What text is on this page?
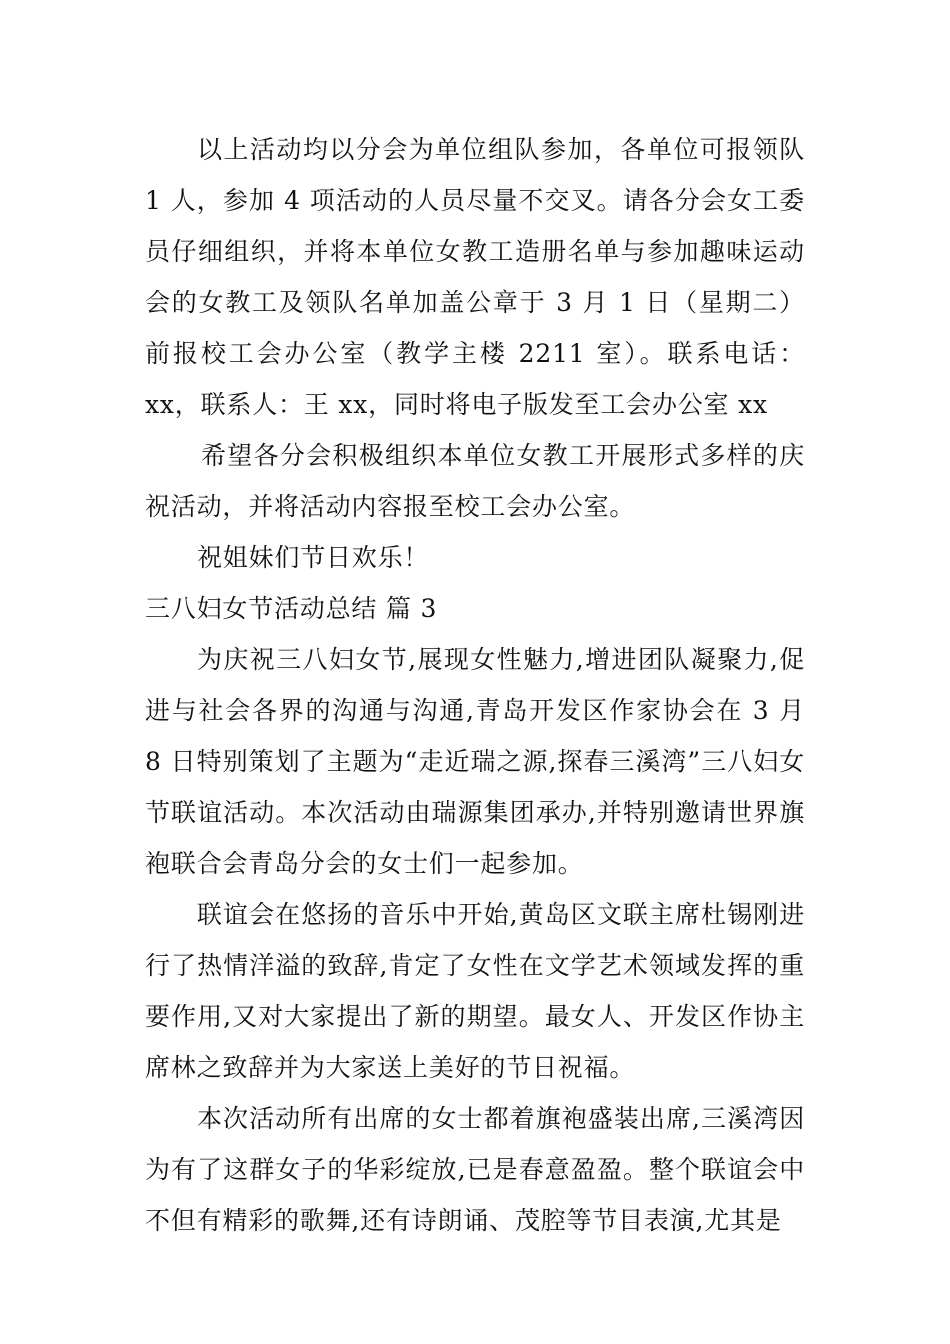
以上活动均以分会为单位组队参加，各单位可报领队 1 人，参加 4 项活动的人员尽量不交叉。请各分会女工委员仔细组织，并将本单位女教工造册名单与参加趣味运动会的女教工及领队名单加盖公章于 3 月 1 日（星期二）前报校工会办公室（教学主楼 2211 室）。联系电话：xx，联系人：王 xx，同时将电子版发至工会办公室 xx

希望各分会积极组织本单位女教工开展形式多样的庆祝活动，并将活动内容报至校工会办公室。

祝姐妹们节日欢乐！

三八妇女节活动总结 篇 3

为庆祝三八妇女节,展现女性魅力,增进团队凝聚力,促进与社会各界的沟通与沟通,青岛开发区作家协会在 3 月 8 日特别策划了主题为“走近瑞之源,探春三溪湾”三八妇女节联谊活动。本次活动由瑞源集团承办,并特别邀请世界旗袍联合会青岛分会的女士们一起参加。

联谊会在悠扬的音乐中开始,黄岛区文联主席杜锡刚进行了热情洋溢的致辞,肯定了女性在文学艺术领域发挥的重要作用,又对大家提出了新的期望。最女人、开发区作协主席林之致辞并为大家送上美好的节日祝福。

本次活动所有出席的女士都着旗袍盛装出席,三溪湾因为有了这群女子的华彩绽放,已是春意盈盈。整个联谊会中不但有精彩的歌舞,还有诗朗诵、茂腔等节目表演,尤其是
